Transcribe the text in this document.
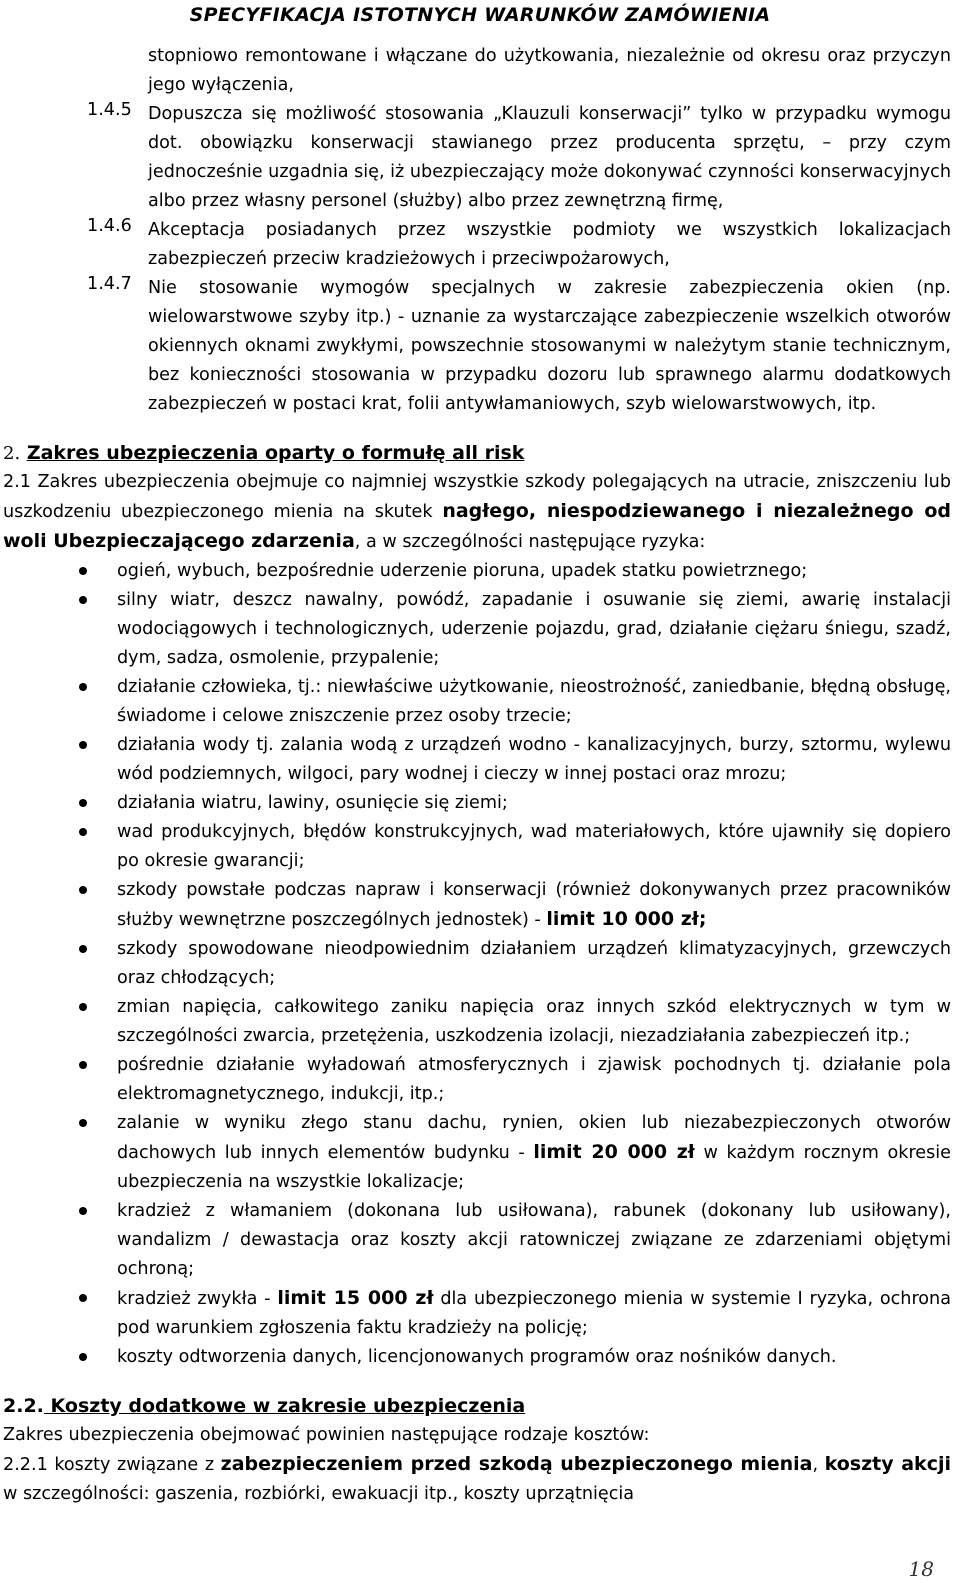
SPECYFIKACJA ISTOTNYCH WARUNKÓW ZAMÓWIENIA

stopniowo remontowane i włączane do użytkowania, niezależnie od okresu oraz przyczyn jego wyłączenia,

1.4.5 Dopuszcza się możliwość stosowania „Klauzuli konserwacji” tylko w przypadku wymogu dot. obowiązku konserwacji stawianego przez producenta sprzętu, – przy czym jednocześnie uzgadnia się, iż ubezpieczający może dokonywać czynności konserwacyjnych albo przez własny personel (służby) albo przez zewnętrzną firmę,
1.4.6 Akceptacja posiadanych przez wszystkie podmioty we wszystkich lokalizacjach zabezpieczeń przeciw kradzieżowych i przeciwpożarowych,
1.4.7 Nie stosowanie wymogów specjalnych w zakresie zabezpieczenia okien (np. wielowarstwowe szyby itp.) - uznanie za wystarczające zabezpieczenie wszelkich otworów okiennych oknami zwykłymi, powszechnie stosowanymi w należytym stanie technicznym, bez konieczności stosowania w przypadku dozoru lub sprawnego alarmu dodatkowych zabezpieczeń w postaci krat, folii antywłamaniowych, szyb wielowarstwowych, itp.
2. Zakres ubezpieczenia oparty o formułę all risk

2.1 Zakres ubezpieczenia obejmuje co najmniej wszystkie szkody polegających na utracie, zniszczeniu lub uszkodzeniu ubezpieczonego mienia na skutek nagłego, niespodziewanego i niezależnego od woli Ubezpieczającego zdarzenia, a w szczególności następujące ryzyka:

ogień, wybuch, bezpośrednie uderzenie pioruna, upadek statku powietrznego;
silny wiatr, deszcz nawalny, powódź, zapadanie i osuwanie się ziemi, awarię instalacji wodociągowych i technologicznych, uderzenie pojazdu, grad, działanie ciężaru śniegu, szadź, dym, sadza, osmolenie, przypalenie;
działanie człowieka, tj.: niewłaściwe użytkowanie, nieostrożność, zaniedbanie, błędną obsługę, świadome i celowe zniszczenie przez osoby trzecie;
działania wody tj. zalania wodą z urządzeń wodno - kanalizacyjnych, burzy, sztormu, wylewu wód podziemnych, wilgoci, pary wodnej i cieczy w innej postaci oraz mrozu;
działania wiatru, lawiny, osunięcie się ziemi;
wad produkcyjnych, błędów konstrukcyjnych, wad materiałowych, które ujawniły się dopiero po okresie gwarancji;
szkody powstałe podczas napraw i konserwacji (również dokonywanych przez pracowników służby wewnętrzne poszczególnych jednostek) - limit 10 000 zł;
szkody spowodowane nieodpowiednim działaniem urządzeń klimatyzacyjnych, grzewczych oraz chłodzących;
zmian napięcia, całkowitego zaniku napięcia oraz innych szkód elektrycznych w tym w szczególności zwarcia, przetężenia, uszkodzenia izolacji, niezadziałania zabezpieczeń itp.;
pośrednie działanie wyładowań atmosferycznych i zjawisk pochodnych tj. działanie pola elektromagnetycznego, indukcji, itp.;
zalanie w wyniku złego stanu dachu, rynien, okien lub niezabezpieczonych otworów dachowych lub innych elementów budynku - limit 20 000 zł w każdym rocznym okresie ubezpieczenia na wszystkie lokalizacje;
kradzież z włamaniem (dokonana lub usiłowana), rabunek (dokonany lub usiłowany), wandalizm / dewastacja oraz koszty akcji ratowniczej związane ze zdarzeniami objętymi ochroną;
kradzież zwykła - limit 15 000 zł dla ubezpieczonego mienia w systemie I ryzyka, ochrona pod warunkiem zgłoszenia faktu kradzieży na policję;
koszty odtworzenia danych, licencjonowanych programów oraz nośników danych.
2.2. Koszty dodatkowe w zakresie ubezpieczenia

Zakres ubezpieczenia obejmować powinien następujące rodzaje kosztów:

2.2.1 koszty związane z zabezpieczeniem przed szkodą ubezpieczonego mienia, koszty akcji w szczególności: gaszenia, rozbiórki, ewakuacji itp., koszty uprzątnięcia

18
